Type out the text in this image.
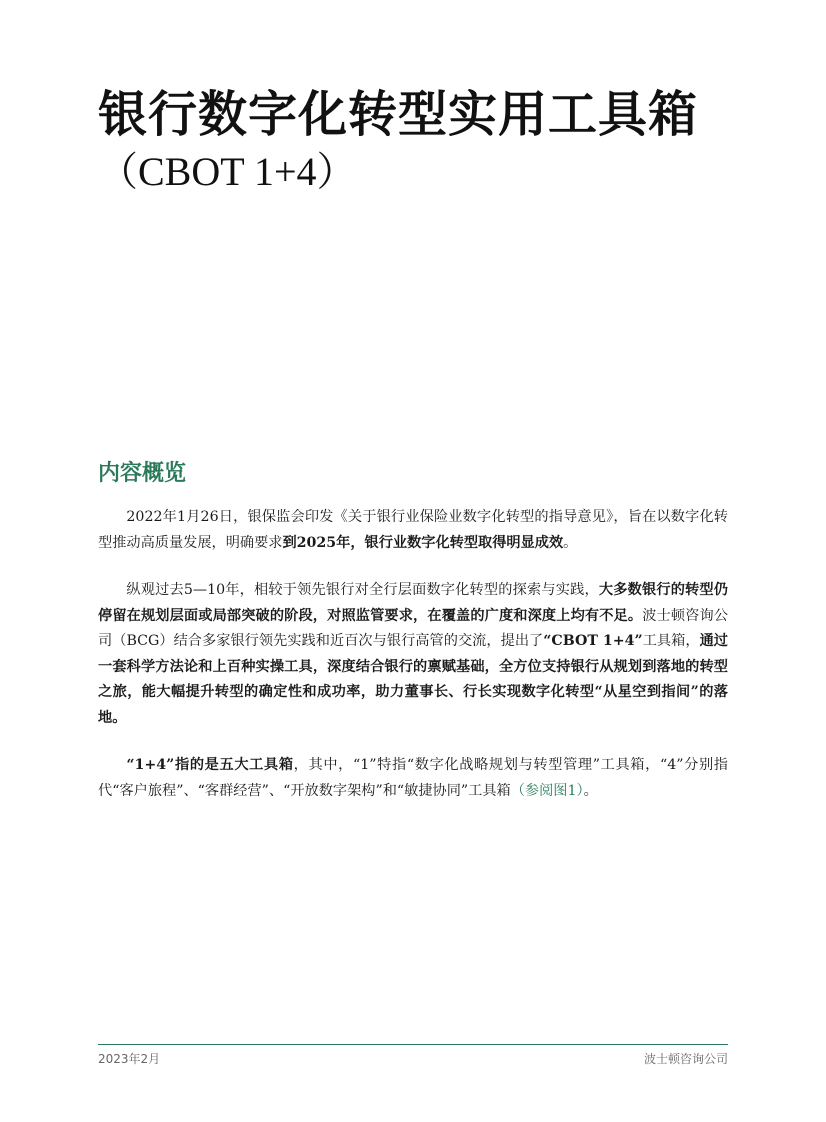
银行数字化转型实用工具箱
（CBOT 1+4）
内容概览

2022年1月26日，银保监会印发《关于银行业保险业数字化转型的指导意见》，旨在以数字化转型推动高质量发展，明确要求到2025年，银行业数字化转型取得明显成效。

纵观过去5—10年，相较于领先银行对全行层面数字化转型的探索与实践，大多数银行的转型仍停留在规划层面或局部突破的阶段，对照监管要求，在覆盖的广度和深度上均有不足。波士顿咨询公司（BCG）结合多家银行领先实践和近百次与银行高管的交流，提出了“CBOT 1+4”工具箱，通过一套科学方法论和上百种实操工具，深度结合银行的禀赋基础，全方位支持银行从规划到落地的转型之旅，能大幅提升转型的确定性和成功率，助力董事长、行长实现数字化转型“从星空到指间”的落地。

“1+4”指的是五大工具箱，其中，“1”特指“数字化战略规划与转型管理”工具箱，“4”分别指代“客户旅程”、“客群经营”、“开放数字架构”和“敏捷协同”工具箱（参阅图1）。

2023年2月	波士顿咨询公司
